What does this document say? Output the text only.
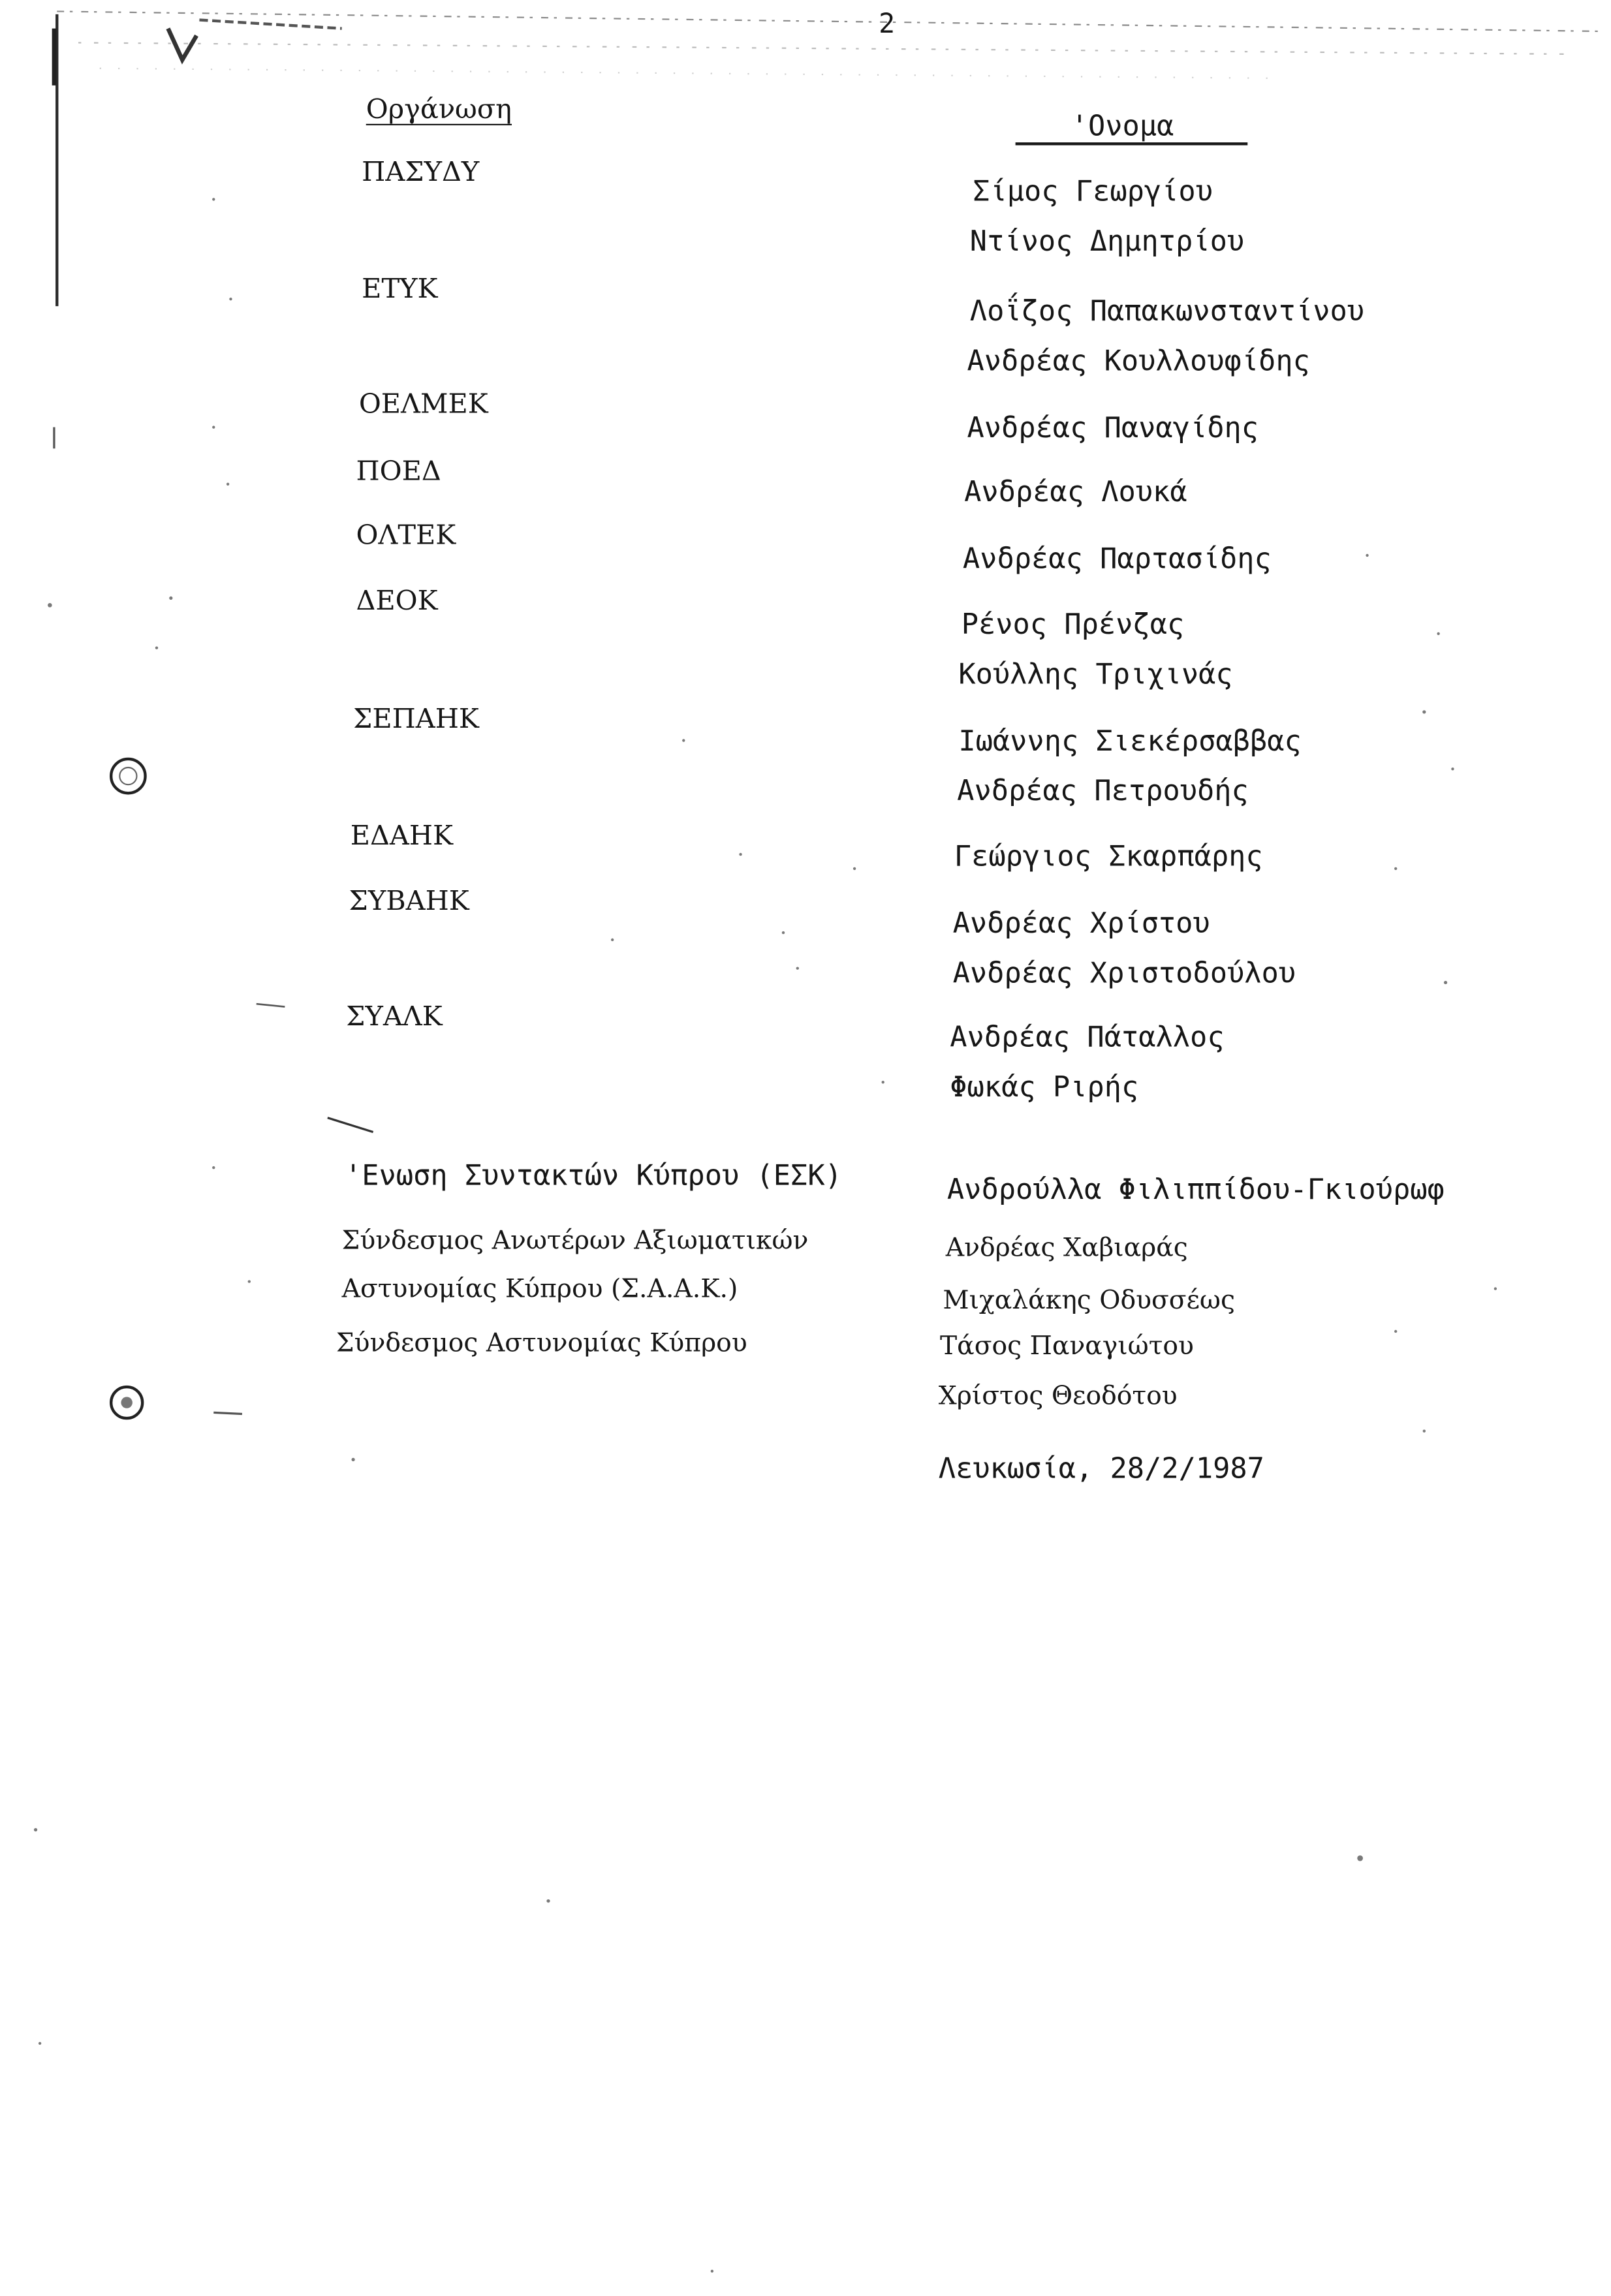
2
Οργάνωση	'Ονομα
ΠΑΣΥΔΥ
ΕΤΥΚ
ΟΕΛΜΕΚ
ΠΟΕΔ
ΟΛΤΕΚ
ΔΕΟΚ
ΣΕΠΑΗΚ
ΕΔΑΗΚ
ΣΥΒΑΗΚ
ΣΥΑΛΚ
'Ενωση Συντακτών Κύπρου (ΕΣΚ)
Σύνδεσμος Ανωτέρων Αξιωματικών
Αστυνομίας Κύπρου (Σ.Α.Α.Κ.)
Σύνδεσμος Αστυνομίας Κύπρου
Σίμος Γεωργίου
Ντίνος Δημητρίου
Λοΐζος Παπακωνσταντίνου
Ανδρέας Κουλλουφίδης
Ανδρέας Παναγίδης
Ανδρέας Λουκά
Ανδρέας Παρτασίδης
Ρένος Πρένζας
Κούλλης Τριχινάς
Ιωάννης Σιεκέρσαββας
Ανδρέας Πετρουδής
Γεώργιος Σκαρπάρης
Ανδρέας Χρίστου
Ανδρέας Χριστοδούλου
Ανδρέας Πάταλλος
Φωκάς Ριρής
Ανδρούλλα Φιλιππίδου-Γκιούρωφ
Ανδρέας Χαβιαράς
Μιχαλάκης Οδυσσέως
Τάσος Παναγιώτου
Χρίστος Θεοδότου
Λευκωσία, 28/2/1987
